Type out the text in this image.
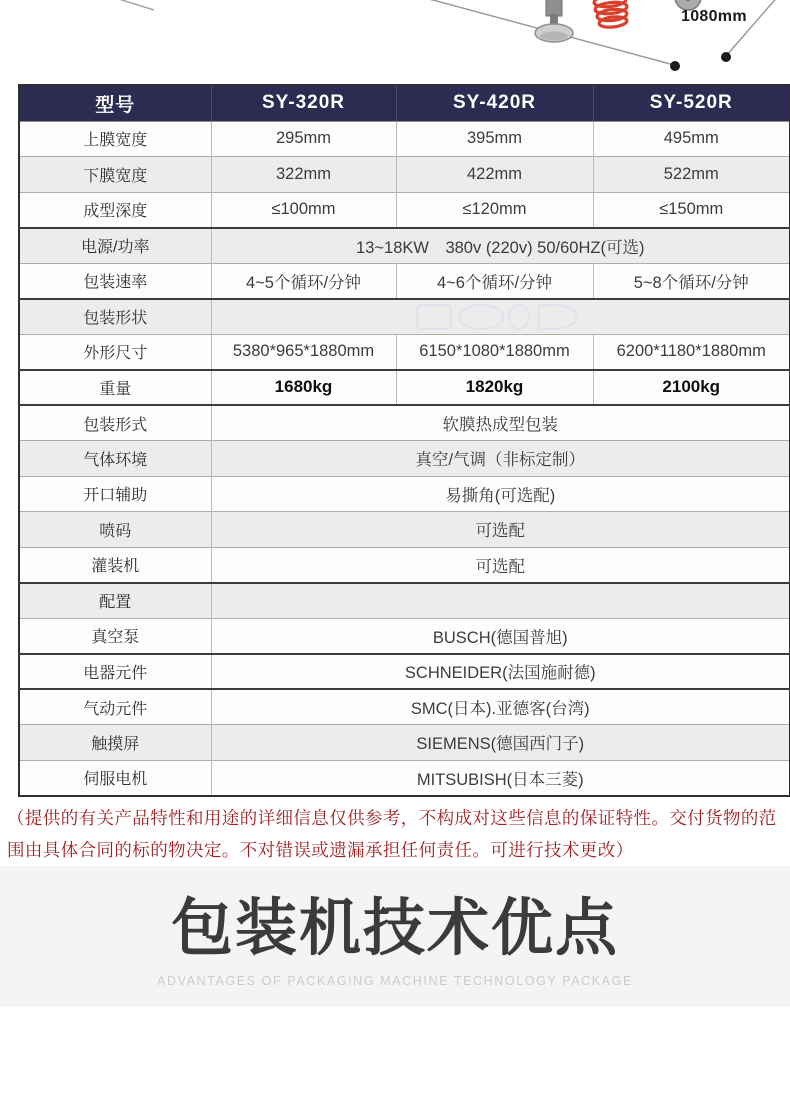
1080mm
型号	SY-320R	SY-420R	SY-520R
上膜宽度	295mm	395mm	495mm
下膜宽度	322mm	422mm	522mm
成型深度	≤100mm	≤120mm	≤150mm
电源/功率	13~18KW　380v (220v) 50/60HZ(可选)		
包装速率	4~5个循环/分钟	4~6个循环/分钟	5~8个循环/分钟
包装形状	

外形尺寸	5380*965*1880mm	6150*1080*1880mm	6200*1180*1880mm
重量	1680kg	1820kg	2100kg
包装形式	软膜热成型包装		
气体环境	真空/气调（非标定制）		
开口辅助	易撕角(可选配)		
喷码	可选配		
灌装机	可选配		
配置			
真空泵	BUSCH(德国普旭)		
电器元件	SCHNEIDER(法国施耐德)		
气动元件	SMC(日本).亚德客(台湾)		
触摸屏	SIEMENS(德国西门子)		
伺服电机	MITSUBISH(日本三菱)		

（提供的有关产品特性和用途的详细信息仅供参考，不构成对这些信息的保证特性。交付货物的范围由具体合同的标的物决定。不对错误或遗漏承担任何责任。可进行技术更改）

包装机技术优点
ADVANTAGES OF PACKAGING MACHINE TECHNOLOGY PACKAGE
